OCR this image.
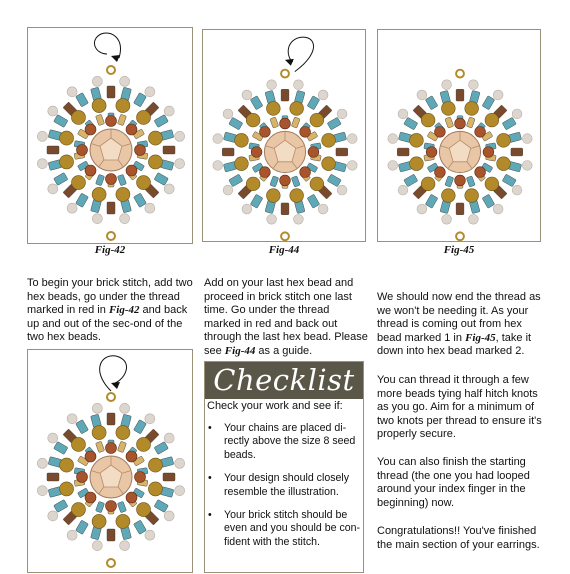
Fig-42	Fig-44	Fig-45

To begin your brick stitch, add two hex beads, go under the thread marked in red in Fig-42 and back up and out of the sec-ond of the two hex beads.

Add on your last hex bead and proceed in brick stitch one last time. Go under the thread marked in red and back out through the last hex bead. Please see Fig-44 as a guide.

Checklist

Check your work and see if:

• Your chains are placed di-rectly above the size 8 seed beads.
• Your design should closely resemble the illustration.
• Your brick stitch should be even and you should be con-fident with the stitch.

We should now end the thread as we won't be needing it. As your thread is coming out from hex bead marked 1 in Fig-45, take it down into hex bead marked 2.

You can thread it through a few more beads tying half hitch knots as you go. Aim for a minimum of two knots per thread to ensure it's properly secure.

You can also finish the starting thread (the one you had looped around your index finger in the beginning) now.

Congratulations!! You've finished the main section of your earrings.
